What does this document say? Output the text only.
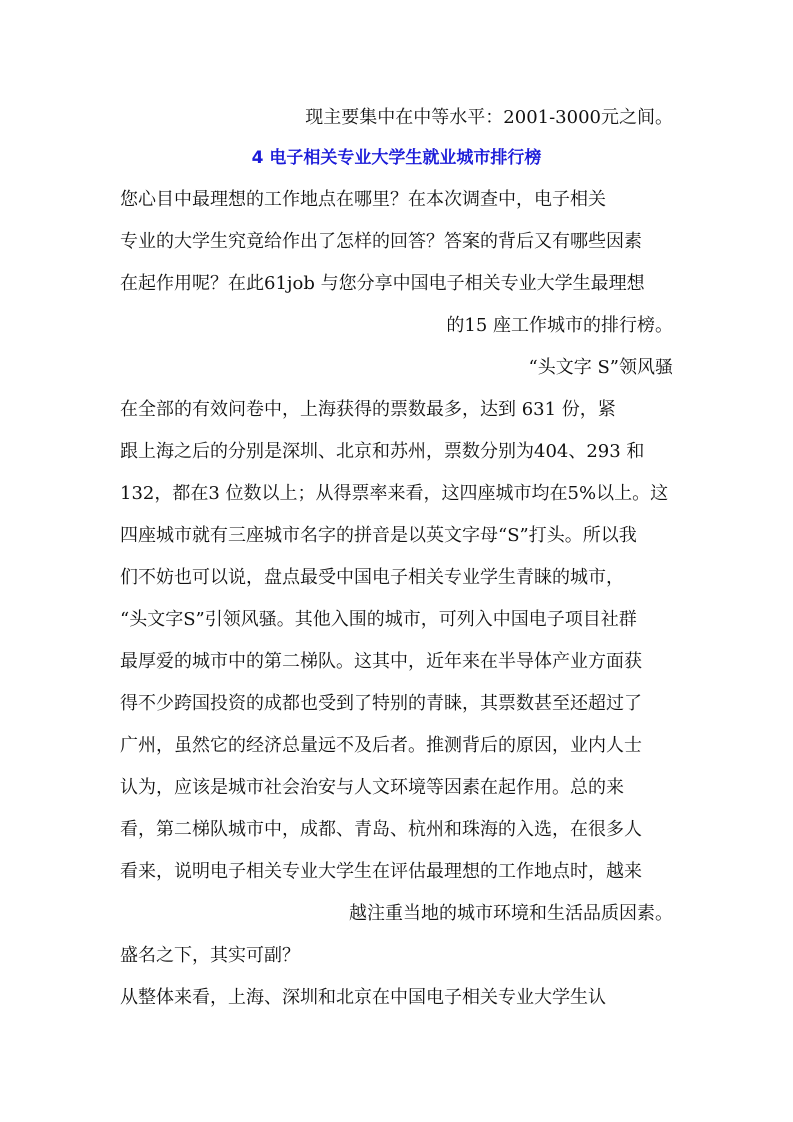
现主要集中在中等水平：2001-3000元之间。
4 电子相关专业大学生就业城市排行榜
您心目中最理想的工作地点在哪里？在本次调查中，电子相关
专业的大学生究竟给作出了怎样的回答？答案的背后又有哪些因素
在起作用呢？在此61job 与您分享中国电子相关专业大学生最理想
的15 座工作城市的排行榜。
“头文字 S”领风骚
在全部的有效问卷中，上海获得的票数最多，达到 631 份，紧
跟上海之后的分别是深圳、北京和苏州，票数分别为404、293 和
132，都在3 位数以上；从得票率来看，这四座城市均在5%以上。这
四座城市就有三座城市名字的拼音是以英文字母“S”打头。所以我
们不妨也可以说，盘点最受中国电子相关专业学生青睐的城市，
“头文字S”引领风骚。其他入围的城市，可列入中国电子项目社群
最厚爱的城市中的第二梯队。这其中，近年来在半导体产业方面获
得不少跨国投资的成都也受到了特别的青睐，其票数甚至还超过了
广州，虽然它的经济总量远不及后者。推测背后的原因，业内人士
认为，应该是城市社会治安与人文环境等因素在起作用。总的来
看，第二梯队城市中，成都、青岛、杭州和珠海的入选，在很多人
看来，说明电子相关专业大学生在评估最理想的工作地点时，越来
越注重当地的城市环境和生活品质因素。
盛名之下，其实可副？
从整体来看，上海、深圳和北京在中国电子相关专业大学生认
